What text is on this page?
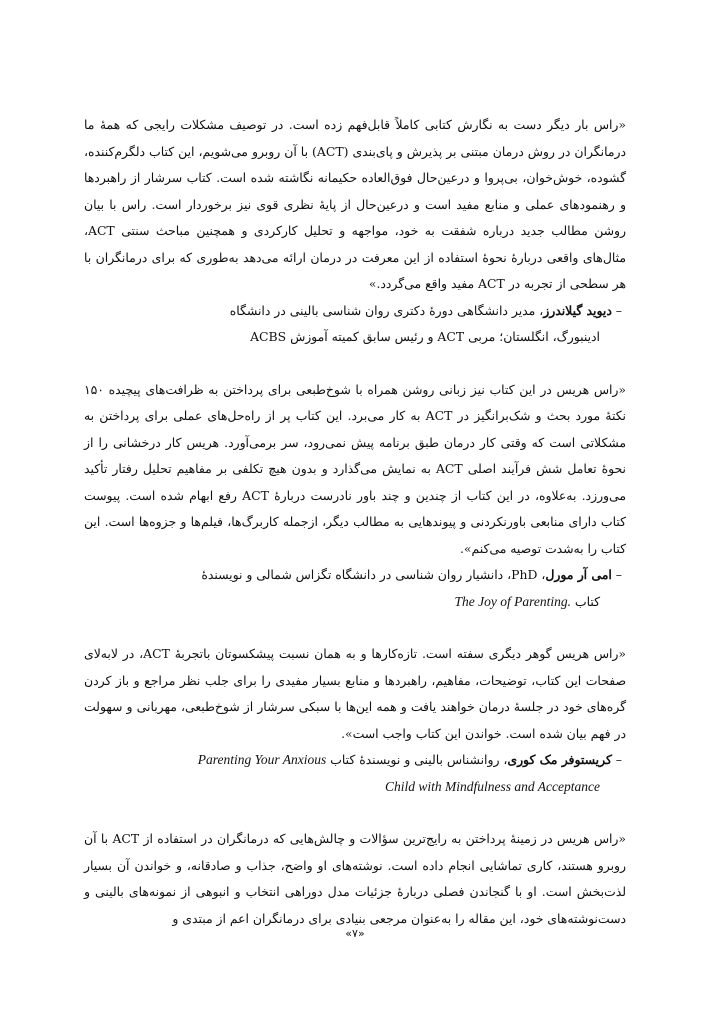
«راس بار دیگر دست به نگارش کتابی کاملاً قابل‌فهم زده است. در توصیف مشکلات رایجی که همهٔ ما درمانگران در روش درمان مبتنی بر پذیرش و پای‌بندی (ACT) با آن روبرو می‌شویم، این کتاب دلگرم‌کننده، گشوده، خوش‌خوان، بی‌پروا و درعین‌حال فوق‌العاده حکیمانه نگاشته شده است. کتاب سرشار از راهبردها و رهنمودهای عملی و منابع مفید است و درعین‌حال از پایهٔ نظری قوی نیز برخوردار است. راس با بیان روشن مطالب جدید درباره شفقت به خود، مواجهه و تحلیل کارکردی و همچنین مباحث سنتی ACT، مثال‌های واقعی دربارهٔ نحوهٔ استفاده از این معرفت در درمان ارائه می‌دهد به‌طوری که برای درمانگران با هر سطحی از تجربه در ACT مفید واقع می‌گردد.»

– دیوید گیلاندرز، مدیر دانشگاهی دورهٔ دکتری روان شناسی بالینی در دانشگاه
ادینبورگ، انگلستان؛ مربی ACT و رئیس سابق کمیته آموزش ACBS

«راس هریس در این کتاب نیز زبانی روشن همراه با شوخ‌طبعی برای پرداختن به ظرافت‌های پیچیده ۱۵۰ نکتهٔ مورد بحث و شک‌برانگیز در ACT به کار می‌برد. این کتاب پر از راه‌حل‌های عملی برای پرداختن به مشکلاتی است که وقتی کار درمان طبق برنامه پیش نمی‌رود، سر برمی‌آورد. هریس کار درخشانی را از نحوهٔ تعامل شش فرآیند اصلی ACT به نمایش می‌گذارد و بدون هیچ تکلفی بر مفاهیم تحلیل رفتار تأکید می‌ورزد. به‌علاوه، در این کتاب از چندین و چند باور نادرست دربارهٔ ACT رفع ابهام شده است. پیوست کتاب دارای منابعی باورنکردنی و پیوندهایی به مطالب دیگر، ازجمله کاربرگ‌ها، فیلم‌ها و جزوه‌ها است. این کتاب را به‌شدت توصیه می‌کنم».

– امی آر مورل، PhD، دانشیار روان شناسی در دانشگاه تگزاس شمالی و نویسندهٔ
کتاب The Joy of Parenting.

«راس هریس گوهر دیگری سفته است. تازه‌کارها و به همان نسبت پیشکسوتان باتجربهٔ ACT، در لابه‌لای صفحات این کتاب، توضیحات، مفاهیم، راهبردها و منابع بسیار مفیدی را برای جلب نظر مراجع و باز کردن گره‌های خود در جلسهٔ درمان خواهند یافت و همه این‌ها با سبکی سرشار از شوخ‌طبعی، مهربانی و سهولت در فهم بیان شده است. خواندن این کتاب واجب است».

– کریستوفر مک کوری، روانشناس بالینی و نویسندهٔ کتاب Parenting Your Anxious
Child with Mindfulness and Acceptance

«راس هریس در زمینهٔ پرداختن به رایج‌ترین سؤالات و چالش‌هایی که درمانگران در استفاده از ACT با آن روبرو هستند، کاری تماشایی انجام داده است. نوشته‌های او واضح، جذاب و صادقانه، و خواندن آن بسیار لذت‌بخش است. او با گنجاندن فصلی دربارهٔ جزئیات مدل دوراهی انتخاب و انبوهی از نمونه‌های بالینی و دست‌نوشته‌های خود، این مقاله را به‌عنوان مرجعی بنیادی برای درمانگران اعم از مبتدی و

«۷»
